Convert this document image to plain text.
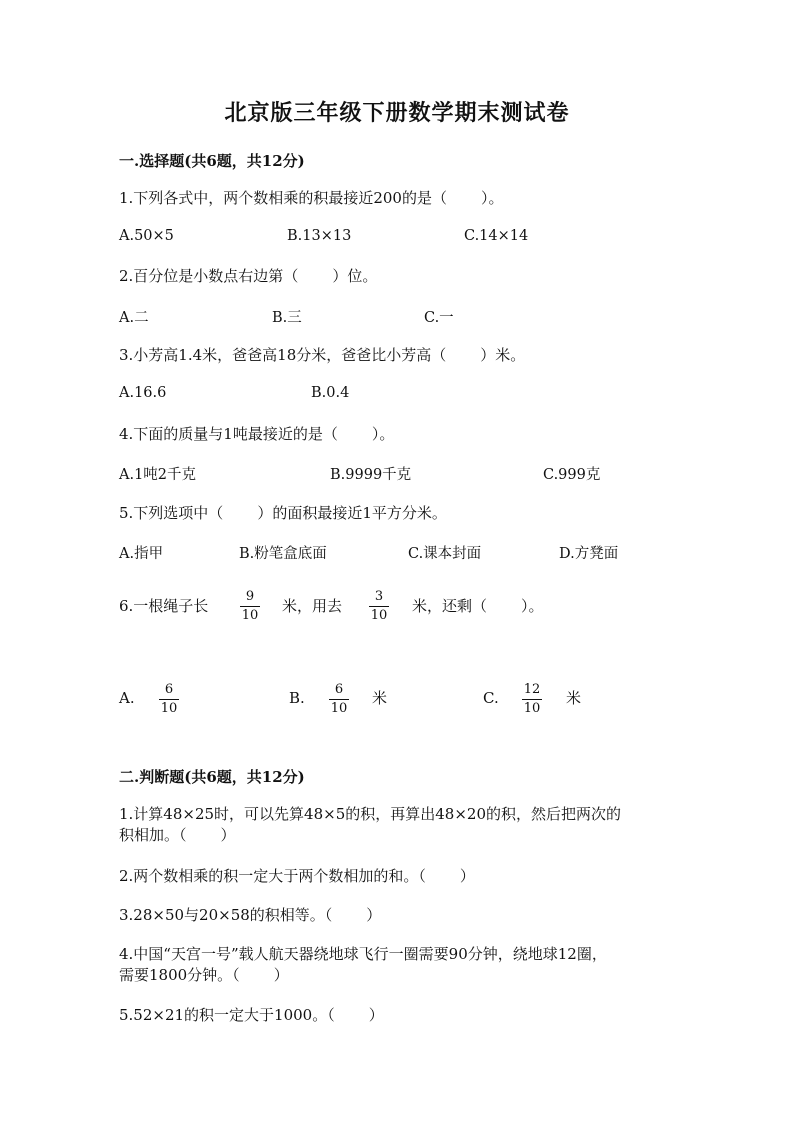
北京版三年级下册数学期末测试卷
一.选择题(共6题，共12分)
1.下列各式中，两个数相乘的积最接近200的是（ ）。
A.50×5	B.13×13	C.14×14
2.百分位是小数点右边第（ ）位。
A.二	B.三	C.一
3.小芳高1.4米，爸爸高18分米，爸爸比小芳高（ ）米。
A.16.6	B.0.4
4.下面的质量与1吨最接近的是（ ）。
A.1吨2千克	B.9999千克	C.999克
5.下列选项中（ ）的面积最接近1平方分米。
A.指甲	B.粉笔盒底面	C.课本封面	D.方凳面
6.一根绳子长
9
10
米，用去
3
10
米，还剩（ ）。
A. 6
10
B. 6
10
米	C. 12
10
米
二.判断题(共6题，共12分)
1.计算48×25时，可以先算48×5的积，再算出48×20的积，然后把两次的
积相加。（ ）
2.两个数相乘的积一定大于两个数相加的和。（ ）
3.28×50与20×58的积相等。（ ）
4.中国“天宫一号”载人航天器绕地球飞行一圈需要90分钟，绕地球12圈，
需要1800分钟。（ ）
5.52×21的积一定大于1000。（ ）
